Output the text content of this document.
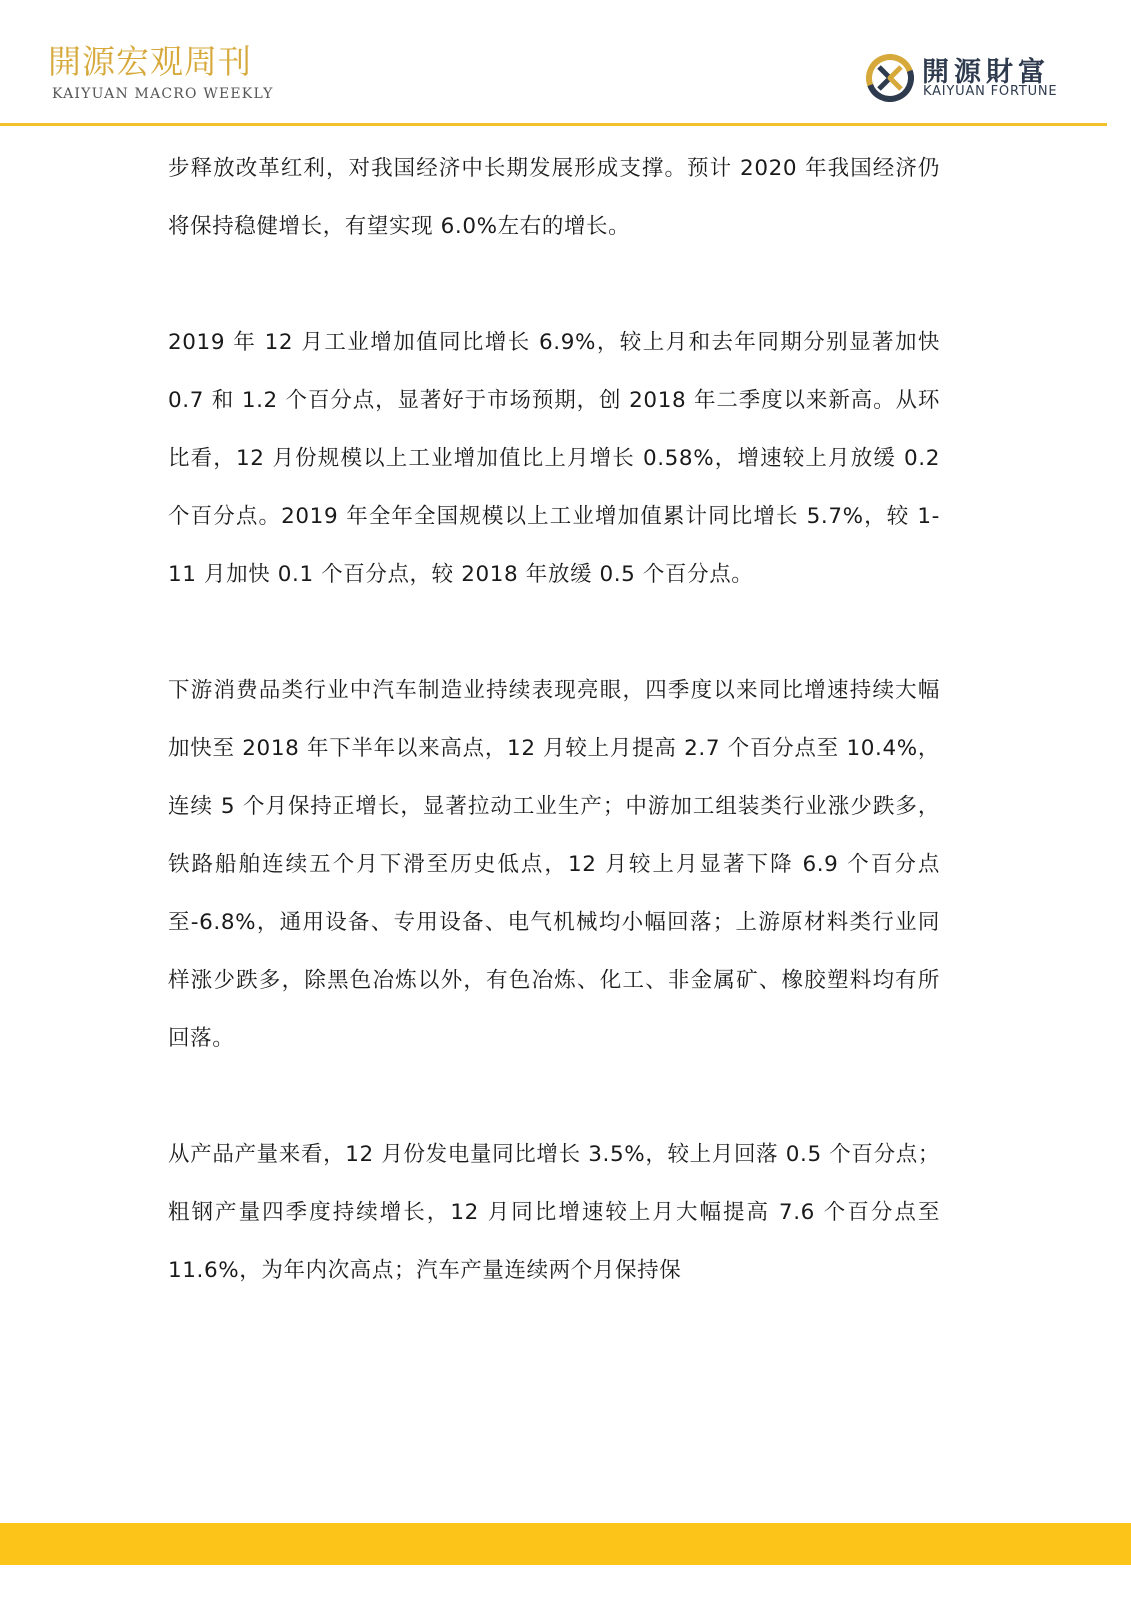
開源宏观周刊
KAIYUAN MACRO WEEKLY
開源財富
KAIYUAN FORTUNE

步释放改革红利，对我国经济中长期发展形成支撑。预计 2020 年我国经济仍将保持稳健增长，有望实现 6.0%左右的增长。

2019 年 12 月工业增加值同比增长 6.9%，较上月和去年同期分别显著加快 0.7 和 1.2 个百分点，显著好于市场预期，创 2018 年二季度以来新高。从环比看，12 月份规模以上工业增加值比上月增长 0.58%，增速较上月放缓 0.2 个百分点。2019 年全年全国规模以上工业增加值累计同比增长 5.7%，较 1-11 月加快 0.1 个百分点，较 2018 年放缓 0.5 个百分点。

下游消费品类行业中汽车制造业持续表现亮眼，四季度以来同比增速持续大幅加快至 2018 年下半年以来高点，12 月较上月提高 2.7 个百分点至 10.4%，连续 5 个月保持正增长，显著拉动工业生产；中游加工组装类行业涨少跌多，铁路船舶连续五个月下滑至历史低点，12 月较上月显著下降 6.9 个百分点至-6.8%，通用设备、专用设备、电气机械均小幅回落；上游原材料类行业同样涨少跌多，除黑色冶炼以外，有色冶炼、化工、非金属矿、橡胶塑料均有所回落。

从产品产量来看，12 月份发电量同比增长 3.5%，较上月回落 0.5 个百分点；粗钢产量四季度持续增长，12 月同比增速较上月大幅提高 7.6 个百分点至 11.6%，为年内次高点；汽车产量连续两个月保持保
